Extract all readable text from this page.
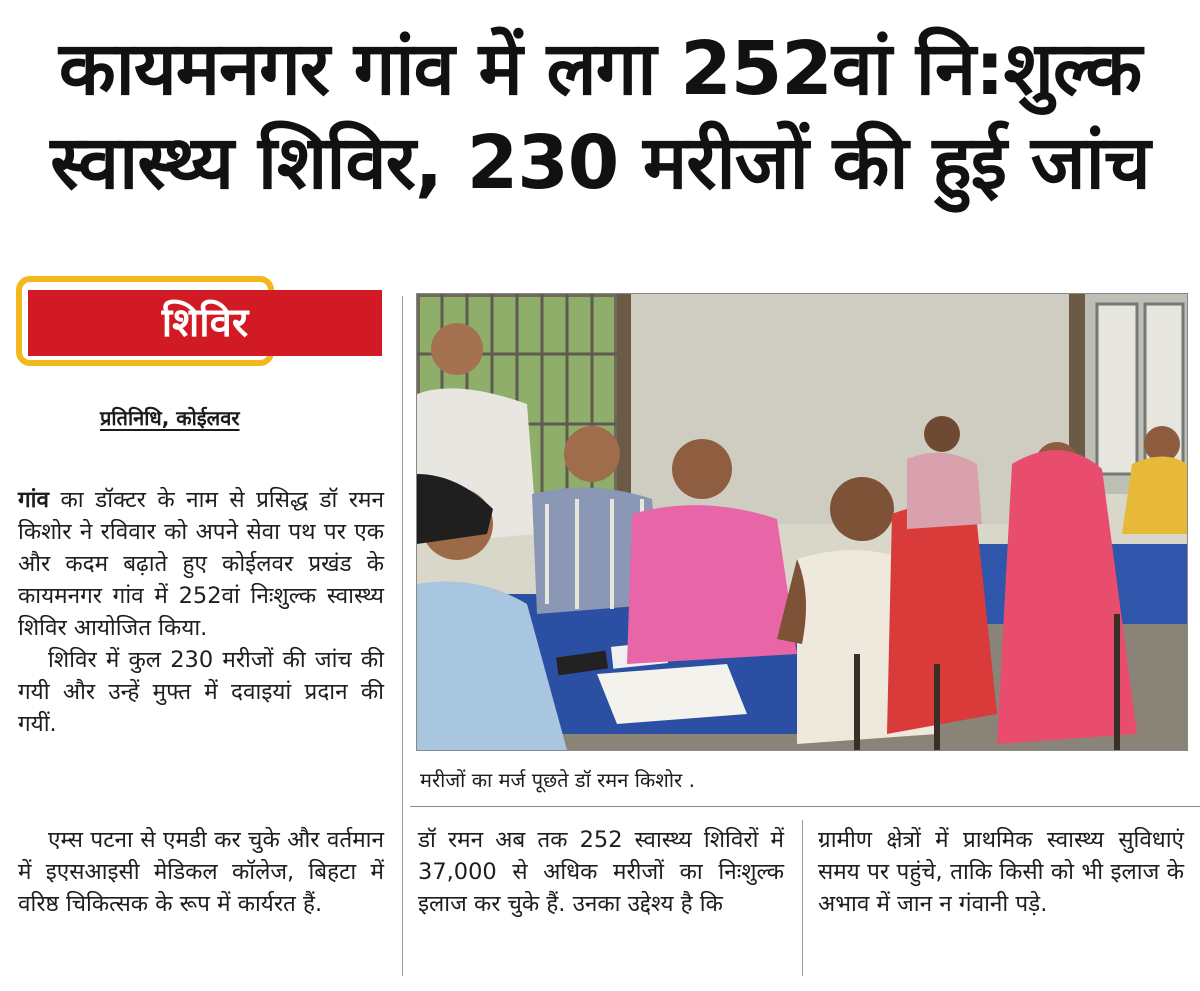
कायमनगर गांव में लगा 252वां नि:शुल्क
स्वास्थ्य शिविर, 230 मरीजों की हुई जांच
शिविर
प्रतिनिधि, कोईलवर

गांव का डॉक्टर के नाम से प्रसिद्ध डॉ रमन किशोर ने रविवार को अपने सेवा पथ पर एक और कदम बढ़ाते हुए कोईलवर प्रखंड के कायमनगर गांव में 252वां निःशुल्क स्वास्थ्य शिविर आयोजित किया.

शिविर में कुल 230 मरीजों की जांच की गयी और उन्हें मुफ्त में दवाइयां प्रदान की गयीं.

एम्स पटना से एमडी कर चुके और वर्तमान में इएसआइसी मेडिकल कॉलेज, बिहटा में वरिष्ठ चिकित्सक के रूप में कार्यरत हैं.

डॉ रमन अब तक 252 स्वास्थ्य शिविरों में 37,000 से अधिक मरीजों का निःशुल्क इलाज कर चुके हैं. उनका उद्देश्य है कि

ग्रामीण क्षेत्रों में प्राथमिक स्वास्थ्य सुविधाएं समय पर पहुंचे, ताकि किसी को भी इलाज के अभाव में जान न गंवानी पड़े.

मरीजों का मर्ज पूछते डॉ रमन किशोर .
